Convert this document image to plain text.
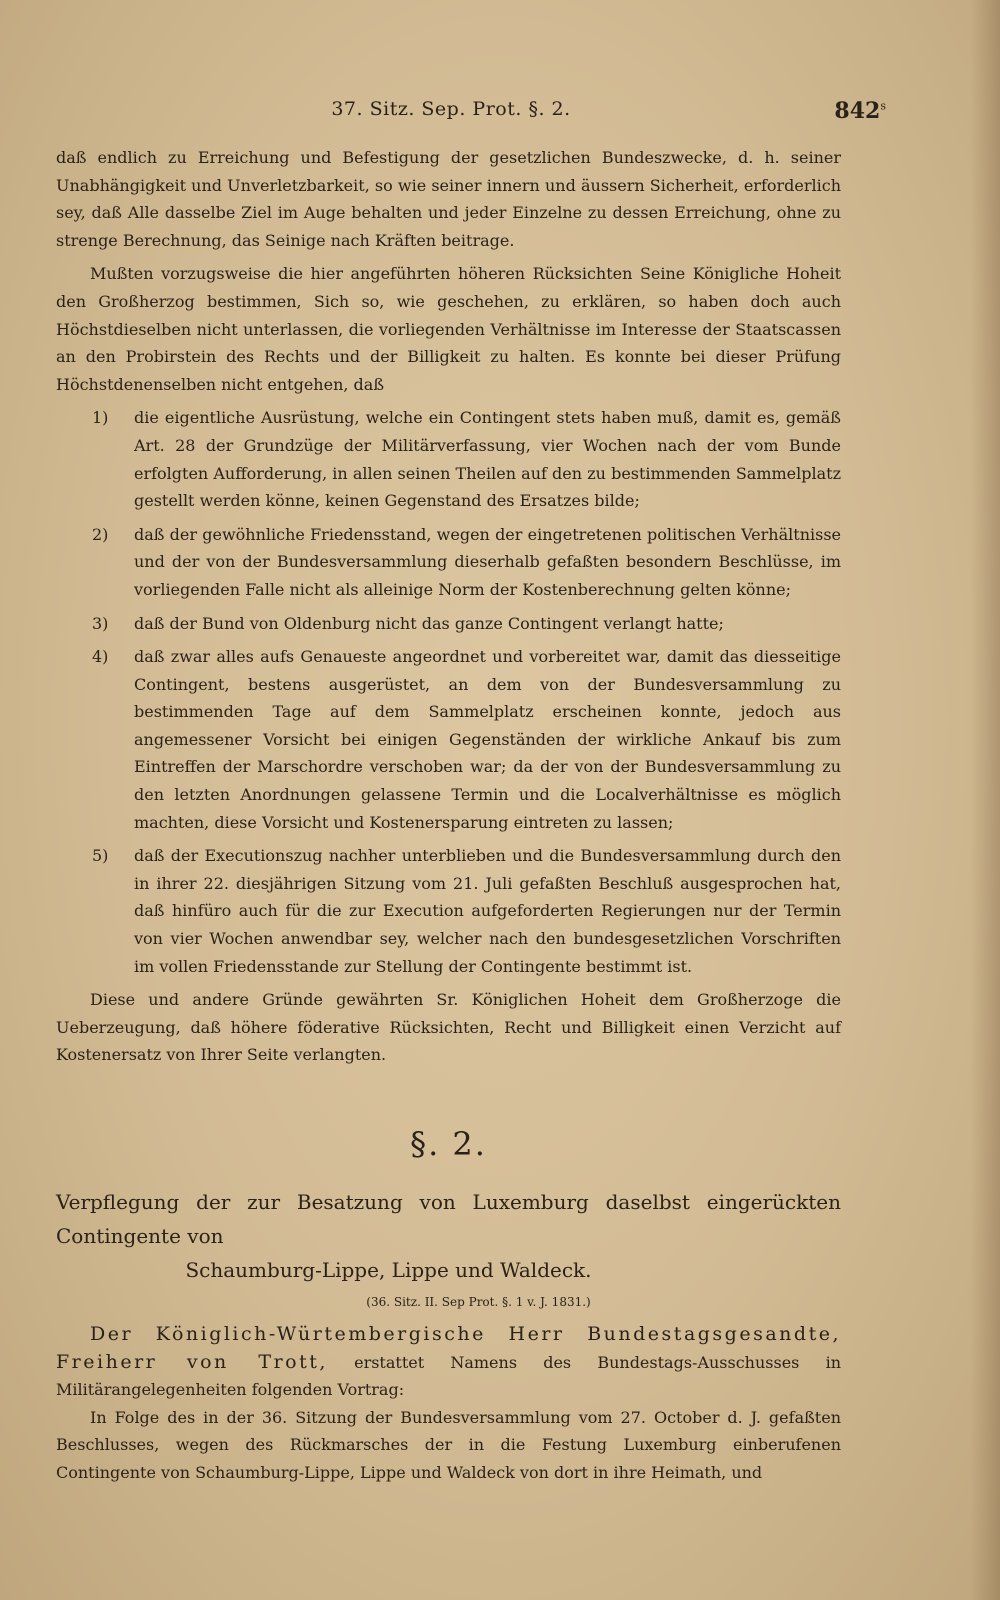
37. Sitz. Sep. Prot. §. 2.	842$^s$

daß endlich zu Erreichung und Befestigung der gesetzlichen Bundeszwecke, d. h. seiner Unabhängigkeit und Unverletzbarkeit, so wie seiner innern und äussern Sicherheit, erforderlich sey, daß Alle dasselbe Ziel im Auge behalten und jeder Einzelne zu dessen Erreichung, ohne zu strenge Berechnung, das Seinige nach Kräften beitrage.

Mußten vorzugsweise die hier angeführten höheren Rücksichten Seine Königliche Hoheit den Großherzog bestimmen, Sich so, wie geschehen, zu erklären, so haben doch auch Höchstdieselben nicht unterlassen, die vorliegenden Verhältnisse im Interesse der Staatscassen an den Probirstein des Rechts und der Billigkeit zu halten. Es konnte bei dieser Prüfung Höchstdenenselben nicht entgehen, daß

1) die eigentliche Ausrüstung, welche ein Contingent stets haben muß, damit es, gemäß Art. 28 der Grundzüge der Militärverfassung, vier Wochen nach der vom Bunde erfolgten Aufforderung, in allen seinen Theilen auf den zu bestimmenden Sammelplatz gestellt werden könne, keinen Gegenstand des Ersatzes bilde;
2) daß der gewöhnliche Friedensstand, wegen der eingetretenen politischen Verhältnisse und der von der Bundesversammlung dieserhalb gefaßten besondern Beschlüsse, im vorliegenden Falle nicht als alleinige Norm der Kostenberechnung gelten könne;
3) daß der Bund von Oldenburg nicht das ganze Contingent verlangt hatte;
4) daß zwar alles aufs Genaueste angeordnet und vorbereitet war, damit das diesseitige Contingent, bestens ausgerüstet, an dem von der Bundesversammlung zu bestimmenden Tage auf dem Sammelplatz erscheinen konnte, jedoch aus angemessener Vorsicht bei einigen Gegenständen der wirkliche Ankauf bis zum Eintreffen der Marschordre verschoben war; da der von der Bundesversammlung zu den letzten Anordnungen gelassene Termin und die Localverhältnisse es möglich machten, diese Vorsicht und Kostenersparung eintreten zu lassen;
5) daß der Executionszug nachher unterblieben und die Bundesversammlung durch den in ihrer 22. diesjährigen Sitzung vom 21. Juli gefaßten Beschluß ausgesprochen hat, daß hinfüro auch für die zur Execution aufgeforderten Regierungen nur der Termin von vier Wochen anwendbar sey, welcher nach den bundesgesetzlichen Vorschriften im vollen Friedensstande zur Stellung der Contingente bestimmt ist.

Diese und andere Gründe gewährten Sr. Königlichen Hoheit dem Großherzoge die Ueberzeugung, daß höhere föderative Rücksichten, Recht und Billigkeit einen Verzicht auf Kostenersatz von Ihrer Seite verlangten.

§. 2.

Verpflegung der zur Besatzung von Luxemburg daselbst eingerückten Contingente von
Schaumburg-Lippe, Lippe und Waldeck.

(36. Sitz. II. Sep Prot. §. 1 v. J. 1831.)

Der Königlich-Würtembergische Herr Bundestagsgesandte, Freiherr von Trott, erstattet Namens des Bundestags-Ausschusses in Militärangelegenheiten folgenden Vortrag:

In Folge des in der 36. Sitzung der Bundesversammlung vom 27. October d. J. gefaßten Beschlusses, wegen des Rückmarsches der in die Festung Luxemburg einberufenen Contingente von Schaumburg-Lippe, Lippe und Waldeck von dort in ihre Heimath, und
